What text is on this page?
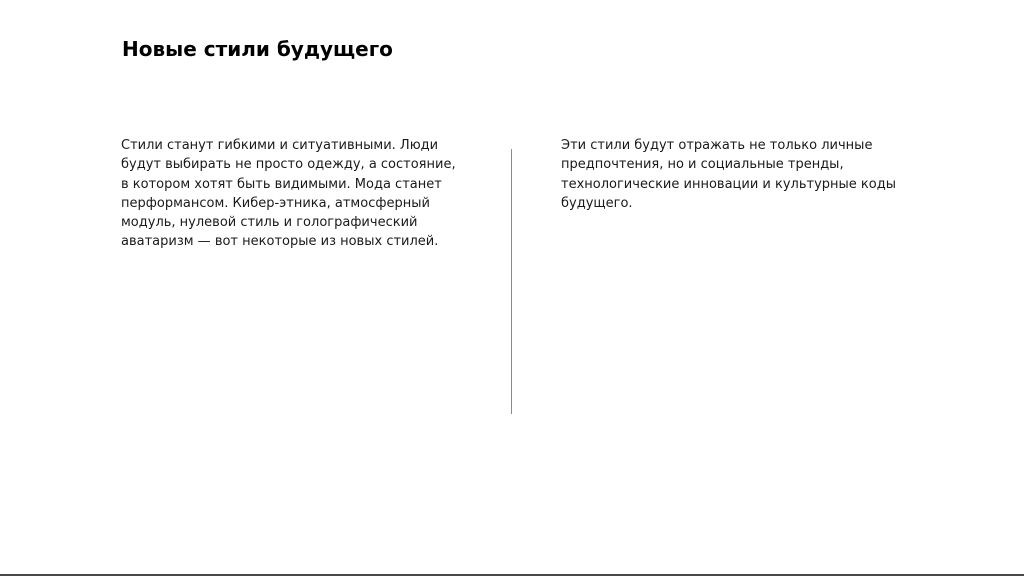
Новые стили будущего

Стили станут гибкими и ситуативными. Люди будут выбирать не просто одежду, а состояние, в котором хотят быть видимыми. Мода станет перформансом. Кибер-этника, атмосферный модуль, нулевой стиль и голографический аватаризм — вот некоторые из новых стилей.

Эти стили будут отражать не только личные предпочтения, но и социальные тренды, технологические инновации и культурные коды будущего.
